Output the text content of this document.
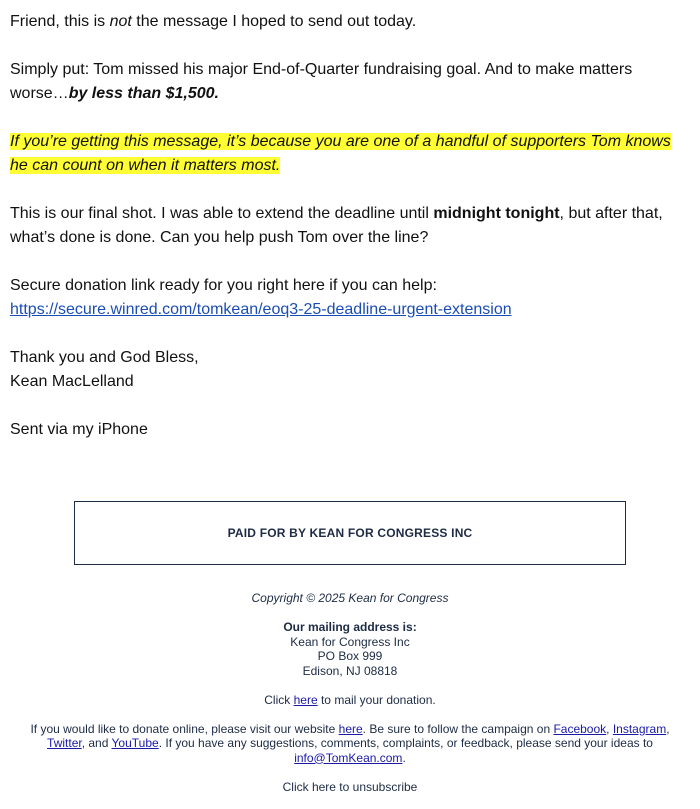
Friend, this is not the message I hoped to send out today.

Simply put: Tom missed his major End-of-Quarter fundraising goal. And to make matters worse…by less than $1,500.

If you’re getting this message, it’s because you are one of a handful of supporters Tom knows he can count on when it matters most.

This is our final shot. I was able to extend the deadline until midnight tonight, but after that, what’s done is done. Can you help push Tom over the line?

Secure donation link ready for you right here if you can help:
https://secure.winred.com/tomkean/eoq3-25-deadline-urgent-extension

Thank you and God Bless,
Kean MacLelland

Sent via my iPhone

PAID FOR BY KEAN FOR CONGRESS INC

Copyright © 2025 Kean for Congress

Our mailing address is:
Kean for Congress Inc
PO Box 999
Edison, NJ 08818

Click here to mail your donation.

If you would like to donate online, please visit our website here. Be sure to follow the campaign on Facebook, Instagram, Twitter, and YouTube. If you have any suggestions, comments, complaints, or feedback, please send your ideas to info@TomKean.com.

Click here to unsubscribe
